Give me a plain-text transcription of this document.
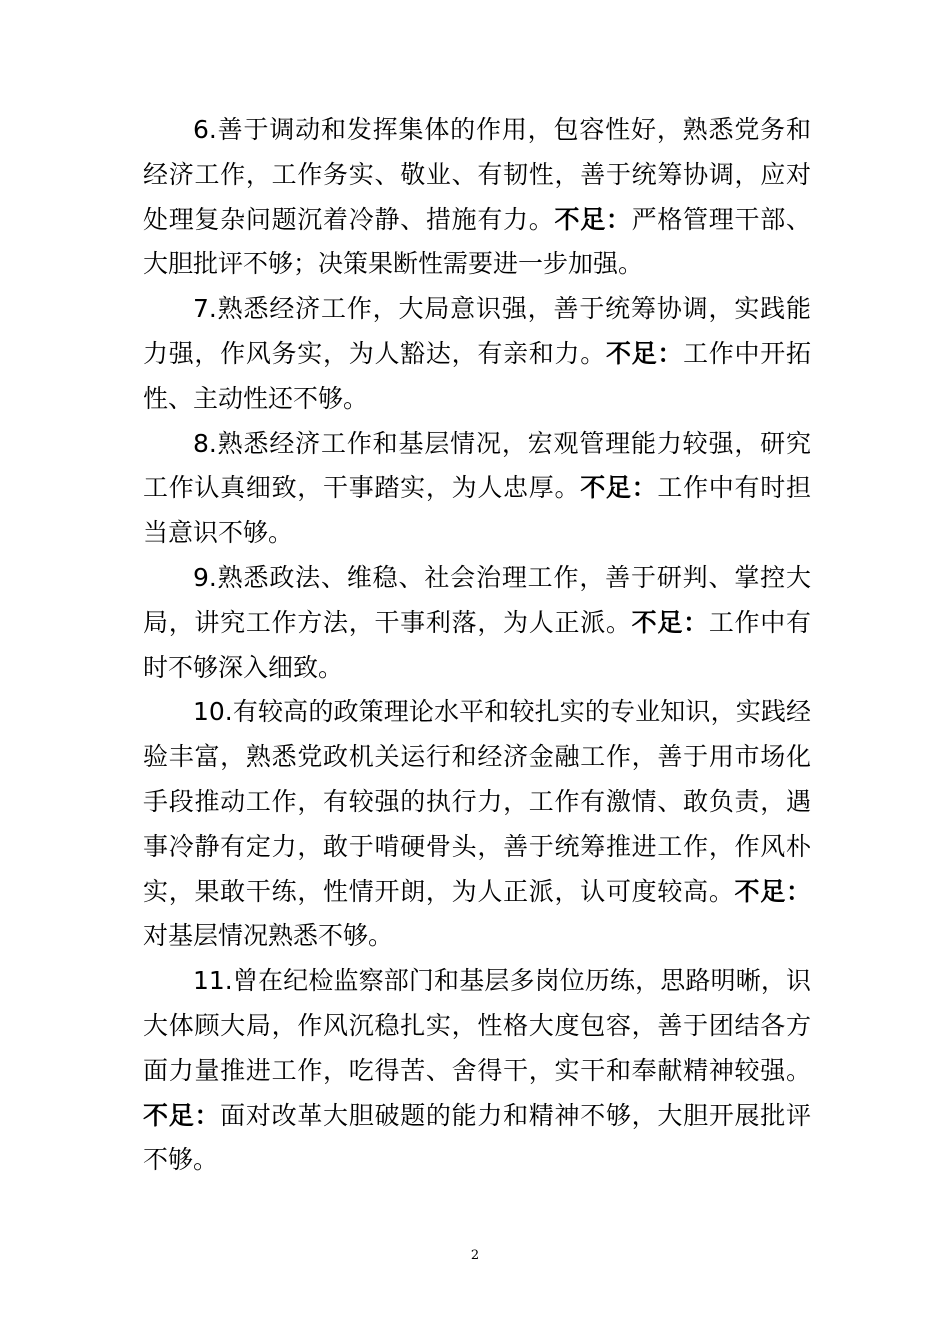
6.善于调动和发挥集体的作用，包容性好，熟悉党务和经济工作，工作务实、敬业、有韧性，善于统筹协调，应对处理复杂问题沉着冷静、措施有力。不足：严格管理干部、大胆批评不够；决策果断性需要进一步加强。

7.熟悉经济工作，大局意识强，善于统筹协调，实践能力强，作风务实，为人豁达，有亲和力。不足：工作中开拓性、主动性还不够。

8.熟悉经济工作和基层情况，宏观管理能力较强，研究工作认真细致，干事踏实，为人忠厚。不足：工作中有时担当意识不够。

9.熟悉政法、维稳、社会治理工作，善于研判、掌控大局，讲究工作方法，干事利落，为人正派。不足：工作中有时不够深入细致。

10.有较高的政策理论水平和较扎实的专业知识，实践经验丰富，熟悉党政机关运行和经济金融工作，善于用市场化手段推动工作，有较强的执行力，工作有激情、敢负责，遇事冷静有定力，敢于啃硬骨头，善于统筹推进工作，作风朴实，果敢干练，性情开朗，为人正派，认可度较高。不足：对基层情况熟悉不够。

11.曾在纪检监察部门和基层多岗位历练，思路明晰，识大体顾大局，作风沉稳扎实，性格大度包容，善于团结各方面力量推进工作，吃得苦、舍得干，实干和奉献精神较强。不足：面对改革大胆破题的能力和精神不够，大胆开展批评不够。

2
